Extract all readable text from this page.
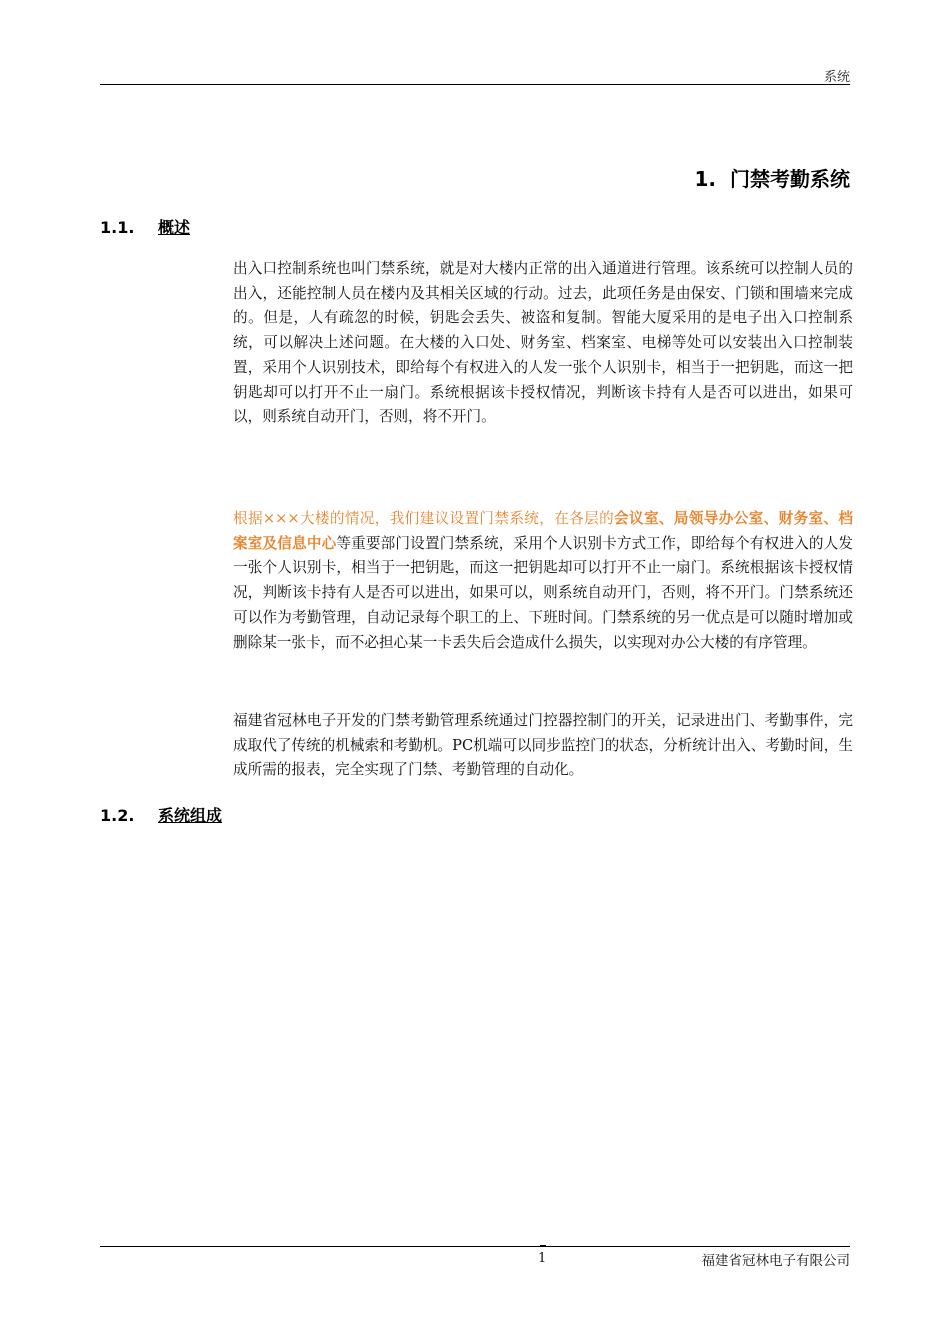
系统
1. 门禁考勤系统
1.1. 概述

出入口控制系统也叫门禁系统，就是对大楼内正常的出入通道进行管理。该系统可以控制人员的出入，还能控制人员在楼内及其相关区域的行动。过去，此项任务是由保安、门锁和围墙来完成的。但是，人有疏忽的时候，钥匙会丢失、被盗和复制。智能大厦采用的是电子出入口控制系统，可以解决上述问题。在大楼的入口处、财务室、档案室、电梯等处可以安装出入口控制装置，采用个人识别技术，即给每个有权进入的人发一张个人识别卡，相当于一把钥匙，而这一把钥匙却可以打开不止一扇门。系统根据该卡授权情况，判断该卡持有人是否可以进出，如果可以，则系统自动开门，否则，将不开门。

根据×××大楼的情况，我们建议设置门禁系统，在各层的会议室、局领导办公室、财务室、档案室及信息中心等重要部门设置门禁系统，采用个人识别卡方式工作，即给每个有权进入的人发一张个人识别卡，相当于一把钥匙，而这一把钥匙却可以打开不止一扇门。系统根据该卡授权情况，判断该卡持有人是否可以进出，如果可以，则系统自动开门，否则，将不开门。门禁系统还可以作为考勤管理，自动记录每个职工的上、下班时间。门禁系统的另一优点是可以随时增加或删除某一张卡，而不必担心某一卡丢失后会造成什么损失，以实现对办公大楼的有序管理。

福建省冠林电子开发的门禁考勤管理系统通过门控器控制门的开关，记录进出门、考勤事件，完成取代了传统的机械索和考勤机。PC机端可以同步监控门的状态，分析统计出入、考勤时间，生成所需的报表，完全实现了门禁、考勤管理的自动化。

1.2. 系统组成
1	福建省冠林电子有限公司
